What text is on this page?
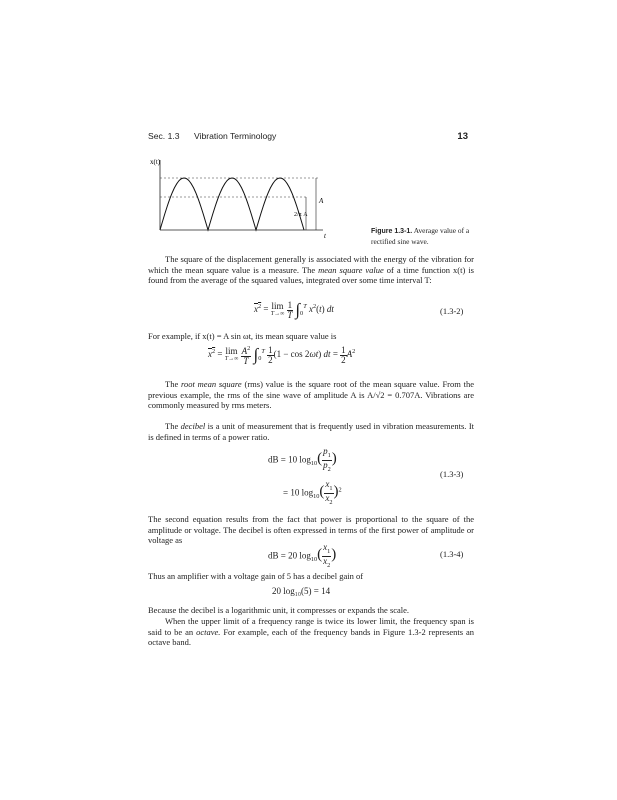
Sec. 1.3 Vibration Terminology	13
x(t)
t
2/π A
A
Figure 1.3-1. Average value of a rectified sine wave.
The square of the displacement generally is associated with the energy of the vibration for which the mean square value is a measure. The mean square value of a time function x(t) is found from the average of the squared values, integrated over some time interval T:
$x^2 = \lim$
T→∞
$\frac{1}{T} \int_0^T$ $x^2(t)$ dt	(1.3-2)
For example, if x(t) = A sin ωt, its mean square value is
$x^2 = \lim$
T→∞
$\frac{A^2}{T} \int_0^T \frac{1}{2} (1 - \cos 2\omega t)$ dt = $\frac{1}{2} A^2$
The root mean square (rms) value is the square root of the mean square value. From the previous example, the rms of the sine wave of amplitude A is A/√2 = 0.707A. Vibrations are commonly measured by rms meters.
The decibel is a unit of measurement that is frequently used in vibration measurements. It is defined in terms of a power ratio.
dB = 10 $\log_{10}( \frac{p_1}{p_2}$ )
= 10 $\log_{10}( \frac{x_1}{x_2} )^2$
(1.3-3)
The second equation results from the fact that power is proportional to the square of the amplitude or voltage. The decibel is often expressed in terms of the first power of amplitude or voltage as
dB = 20 $\log_{10}( \frac{x_1}{x_2}$ )	(1.3-4)
Thus an amplifier with a voltage gain of 5 has a decibel gain of
20 log₁₀(5) = 14
Because the decibel is a logarithmic unit, it compresses or expands the scale.
When the upper limit of a frequency range is twice its lower limit, the frequency span is said to be an octave. For example, each of the frequency bands in Figure 1.3-2 represents an octave band.
